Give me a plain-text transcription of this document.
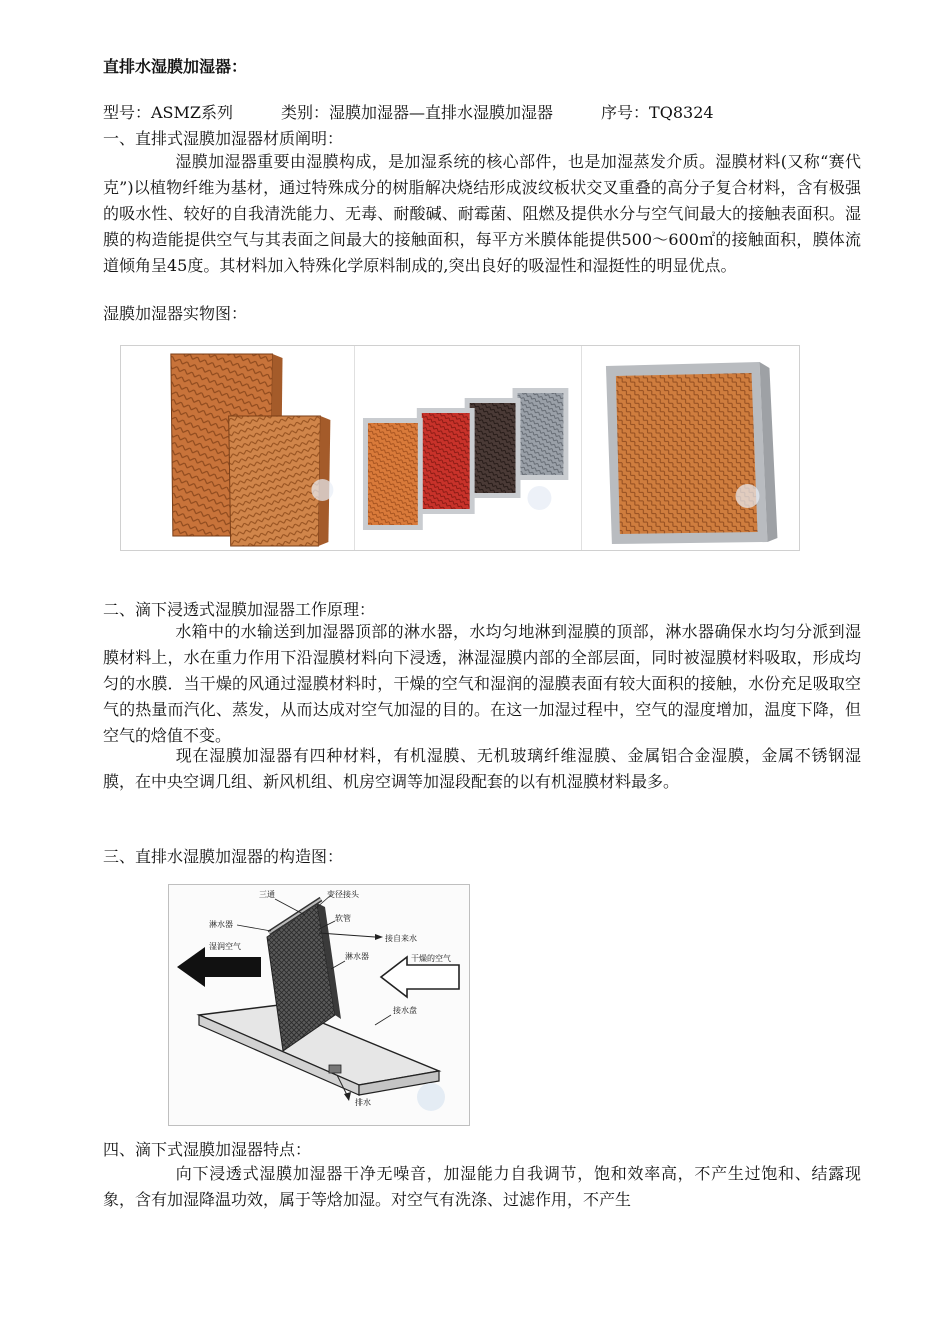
直排水湿膜加湿器：
型号：ASMZ系列	类别：湿膜加湿器—直排水湿膜加湿器	序号：TQ8324
一、直排式湿膜加湿器材质阐明：
湿膜加湿器重要由湿膜构成，是加湿系统的核心部件，也是加湿蒸发介质。湿膜材料(又称“赛代克”)以植物纤维为基材，通过特殊成分的树脂解决烧结形成波纹板状交叉重叠的高分子复合材料，含有极强的吸水性、较好的自我清洗能力、无毒、耐酸碱、耐霉菌、阻燃及提供水分与空气间最大的接触表面积。湿膜的构造能提供空气与其表面之间最大的接触面积，每平方米膜体能提供500～600㎡的接触面积，膜体流道倾角呈45度。其材料加入特殊化学原料制成的,突出良好的吸湿性和湿挺性的明显优点。
湿膜加湿器实物图：
二、滴下浸透式湿膜加湿器工作原理：
水箱中的水输送到加湿器顶部的淋水器，水均匀地淋到湿膜的顶部，淋水器确保水均匀分派到湿膜材料上，水在重力作用下沿湿膜材料向下浸透，淋湿湿膜内部的全部层面，同时被湿膜材料吸取，形成均匀的水膜．当干燥的风通过湿膜材料时，干燥的空气和湿润的湿膜表面有较大面积的接触，水份充足吸取空气的热量而汽化、蒸发，从而达成对空气加湿的目的。在这一加湿过程中，空气的湿度增加，温度下降，但空气的焓值不变。
现在湿膜加湿器有四种材料，有机湿膜、无机玻璃纤维湿膜、金属铝合金湿膜，金属不锈钢湿膜，在中央空调几组、新风机组、机房空调等加湿段配套的以有机湿膜材料最多。
三、直排水湿膜加湿器的构造图：
三通	变径接头
软管
淋水器
接自来水
湿润空气
淋水器	干燥的空气
接水盘
排水
四、滴下式湿膜加湿器特点：
向下浸透式湿膜加湿器干净无噪音，加湿能力自我调节，饱和效率高，不产生过饱和、结露现象，含有加湿降温功效，属于等焓加湿。对空气有洗涤、过滤作用，不产生
